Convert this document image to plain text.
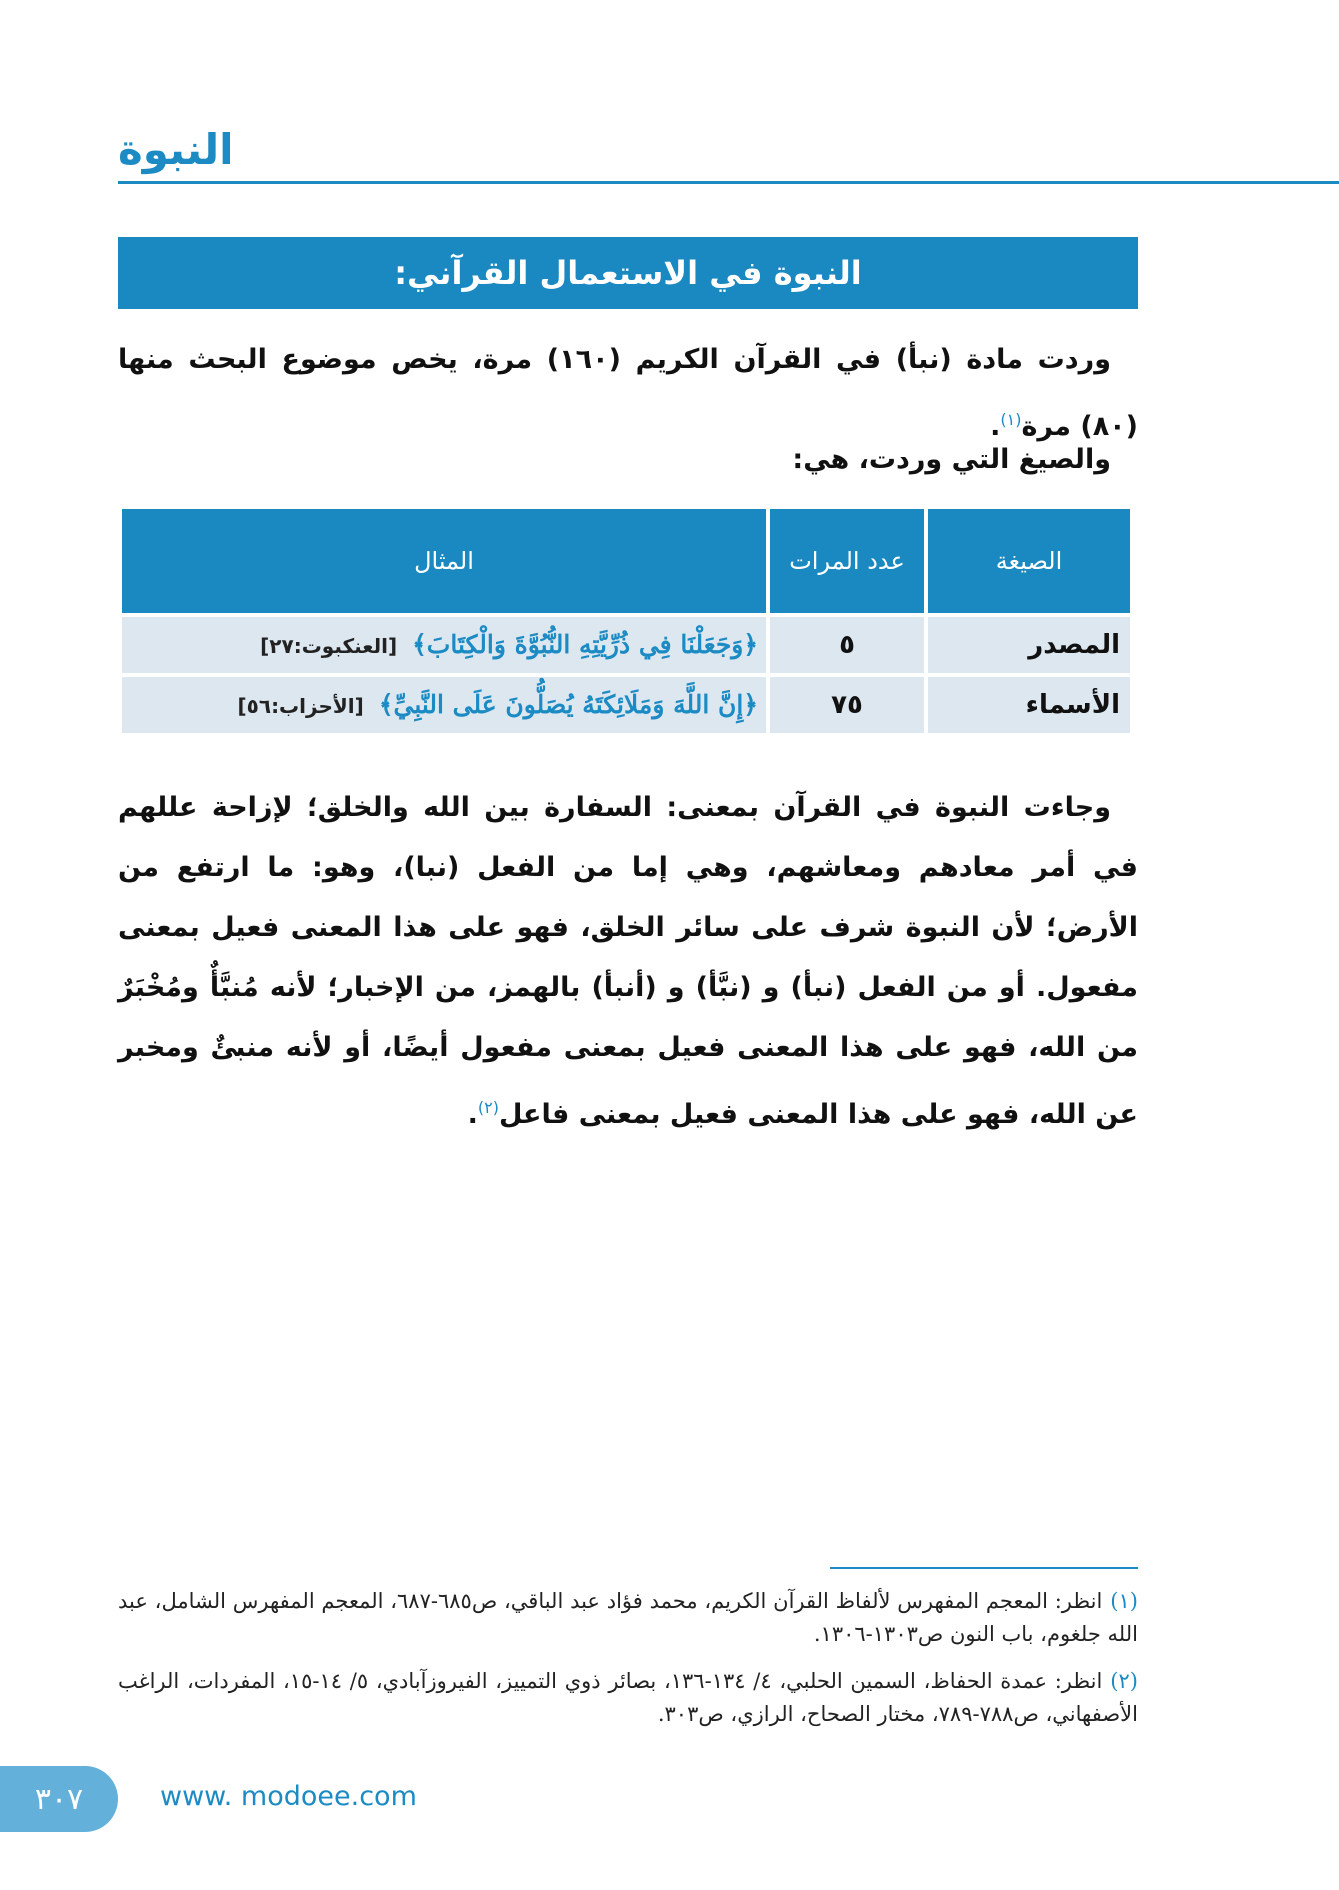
النبوة
النبوة في الاستعمال القرآني:
 وردت مادة (نبأ) في القرآن الكريم (١٦٠) مرة، يخص موضوع البحث منها (٨٠) مرة$^{(١)}$.
 والصيغ التي وردت، هي:
الصيغة	عدد المرات	المثال
المصدر	٥	﴿وَجَعَلْنَا فِي ذُرِّيَّتِهِ النُّبُوَّةَ وَالْكِتَابَ﴾ [العنكبوت:٢٧]
الأسماء	٧٥	﴿إِنَّ اللَّهَ وَمَلَائِكَتَهُ يُصَلُّونَ عَلَى النَّبِيِّ﴾ [الأحزاب:٥٦]
 وجاءت النبوة في القرآن بمعنى: السفارة بين الله والخلق؛ لإزاحة عللهم في أمر معادهم ومعاشهم، وهي إما من الفعل (نبا)، وهو: ما ارتفع من الأرض؛ لأن النبوة شرف على سائر الخلق، فهو على هذا المعنى فعيل بمعنى مفعول. أو من الفعل (نبأ) و (نبَّأ) و (أنبأ) بالهمز، من الإخبار؛ لأنه مُنبَّأٌ ومُخْبَرٌ من الله، فهو على هذا المعنى فعيل بمعنى مفعول أيضًا، أو لأنه منبئٌ ومخبر عن الله، فهو على هذا المعنى فعيل بمعنى فاعل$^{(٢)}$.
(١)انظر: المعجم المفهرس لألفاظ القرآن الكريم، محمد فؤاد عبد الباقي، ص٦٨٥-٦٨٧، المعجم المفهرس الشامل، عبد الله جلغوم، باب النون ص١٣٠٣-١٣٠٦.
(٢)انظر: عمدة الحفاظ، السمين الحلبي، ٤/ ١٣٤-١٣٦، بصائر ذوي التمييز، الفيروزآبادي، ٥/ ١٤-١٥، المفردات، الراغب الأصفهاني، ص٧٨٨-٧٨٩، مختار الصحاح، الرازي، ص٣٠٣.
٣٠٧	www. modoee.com
